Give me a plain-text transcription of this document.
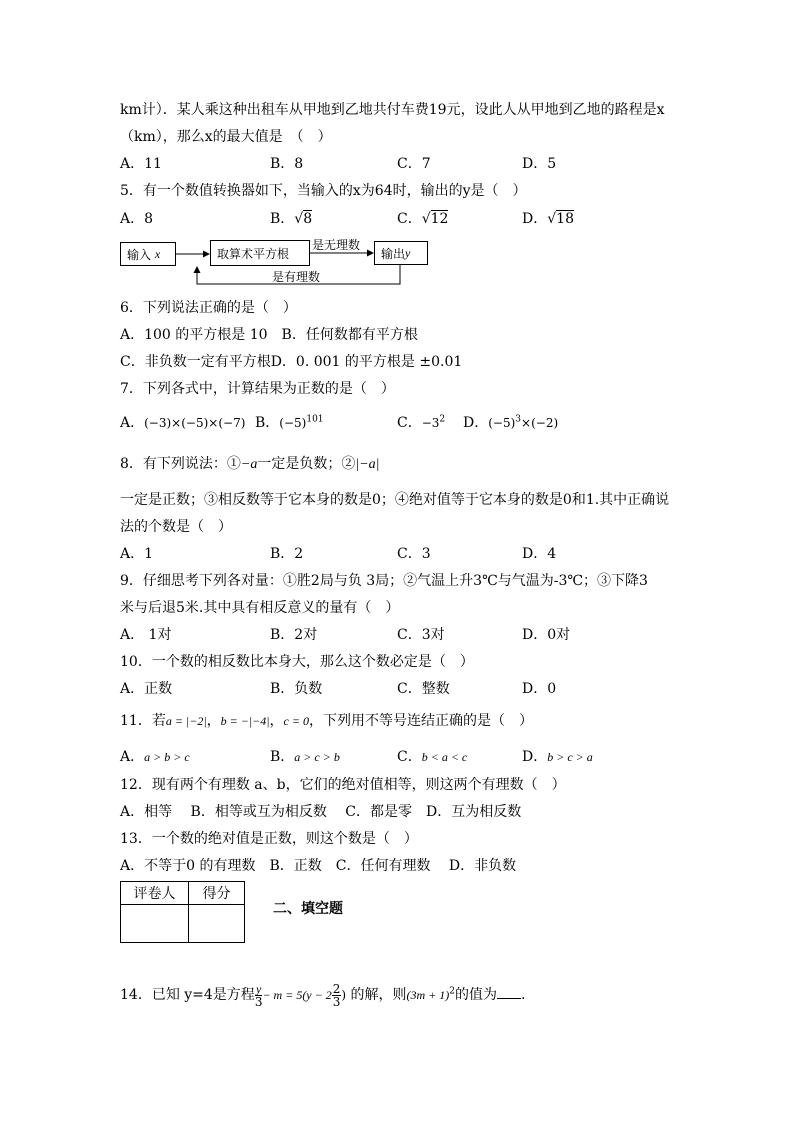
km计）．某人乘这种出租车从甲地到乙地共付车费19元，设此人从甲地到乙地的路程是x
（km），那么x的最大值是　（　）
A．11	B．8	C．7	D．5
5．有一个数值转换器如下，当输入的x为64时，输出的y是（　）
A．8	B．√8	C．√12	D．√18
输入
x	取算术平方根	输出 y
是无理数
是有理数
6．下列说法正确的是（　）
A．100 的平方根是 10　B．任何数都有平方根
C．非负数一定有平方根D．0. 001 的平方根是 ±0.01
7．下列各式中，计算结果为正数的是（　）
A．(−3)×(−5)×(−7) B．$(-5)^{101}$	C．$-3^2$ D．$(-5)^3\times(-2)$
8．有下列说法：①−a一定是负数；②|−a|
一定是正数；③相反数等于它本身的数是0；④绝对值等于它本身的数是0和1.其中正确说
法的个数是（　）
A．1	B．2	C．3	D．4
9．仔细思考下列各对量：①胜2局与负 3局；②气温上升3℃与气温为-3℃；③下降3
米与后退5米.其中具有相反意义的量有（　）
A． 1对	B．2对	C．3对	D．0对
10．一个数的相反数比本身大，那么这个数必定是（　）
A．正数	B．负数	C．整数	D．0
11．若a = |−2|，b = −|−4|，c = 0，下列用不等号连结正确的是（　）
A．a > b > c	B．a > c > b	C．b < a < c	D．b > c > a
12．现有两个有理数 a、b，它们的绝对值相等，则这两个有理数（　）
A．相等　 B．相等或互为相反数　 C．都是零　D．互为相反数
13．一个数的绝对值是正数，则这个数是（　）
A．不等于0 的有理数　B．正数　C．任何有理数　 D．非负数
评卷人	得分

二、填空题
14．已知 y=4是方程 $\frac{y}{3} - m = 5(y - 2 \frac{2}{3}$ ) 的解，则$(3m + 1)^2$的值为 .
